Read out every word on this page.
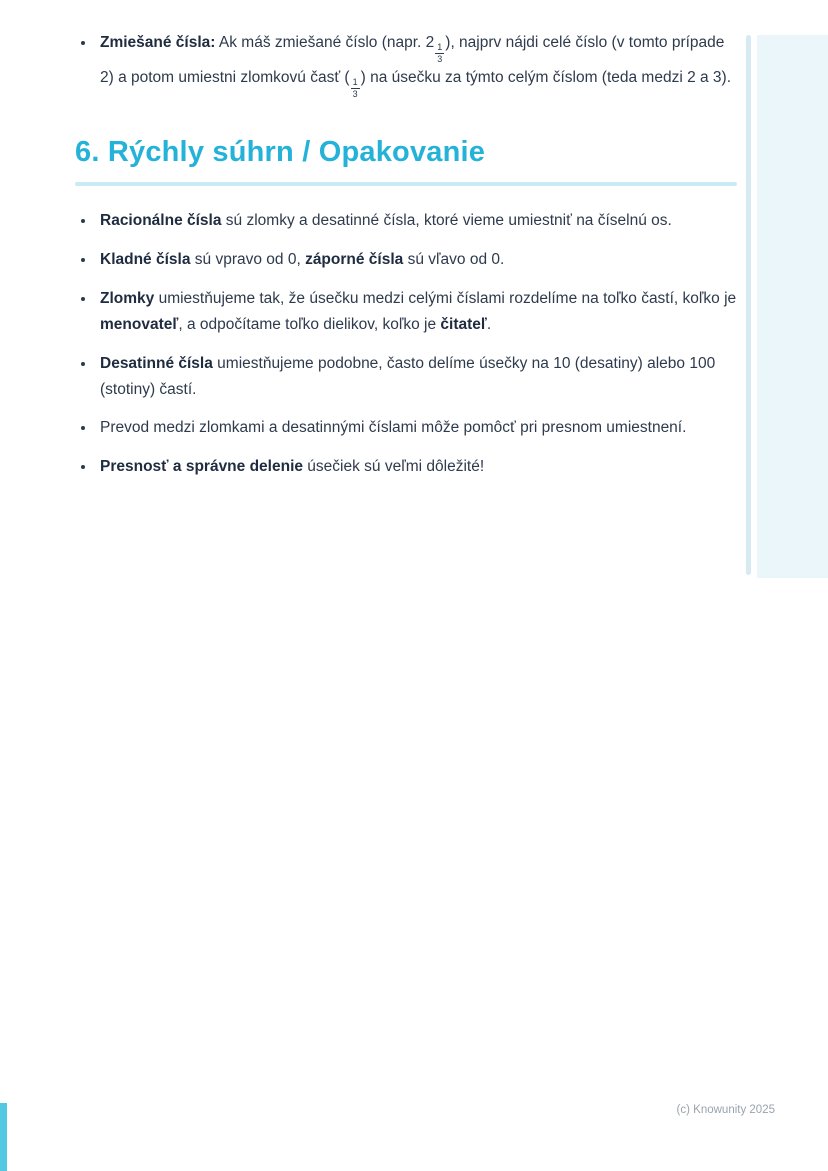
• Zmiešané čísla: Ak máš zmiešané číslo (napr. 2
$\frac{1}{3}$
), najprv nájdi celé číslo (v tomto prípade 2) a potom umiestni zlomkovú časť (
$\frac{1}{3}$
) na úsečku za týmto celým číslom (teda medzi 2 a 3).
6. Rýchly súhrn / Opakovanie
• Racionálne čísla sú zlomky a desatinné čísla, ktoré vieme umiestniť na číselnú os.
• Kladné čísla sú vpravo od 0, záporné čísla sú vľavo od 0.
• Zlomky umiestňujeme tak, že úsečku medzi celými číslami rozdelíme na toľko častí, koľko je menovateľ, a odpočítame toľko dielikov, koľko je čitateľ.
• Desatinné čísla umiestňujeme podobne, často delíme úsečky na 10 (desatiny) alebo 100 (stotiny) častí.
• Prevod medzi zlomkami a desatinnými číslami môže pomôcť pri presnom umiestnení.
• Presnosť a správne delenie úsečiek sú veľmi dôležité!
(c) Knowunity 2025
